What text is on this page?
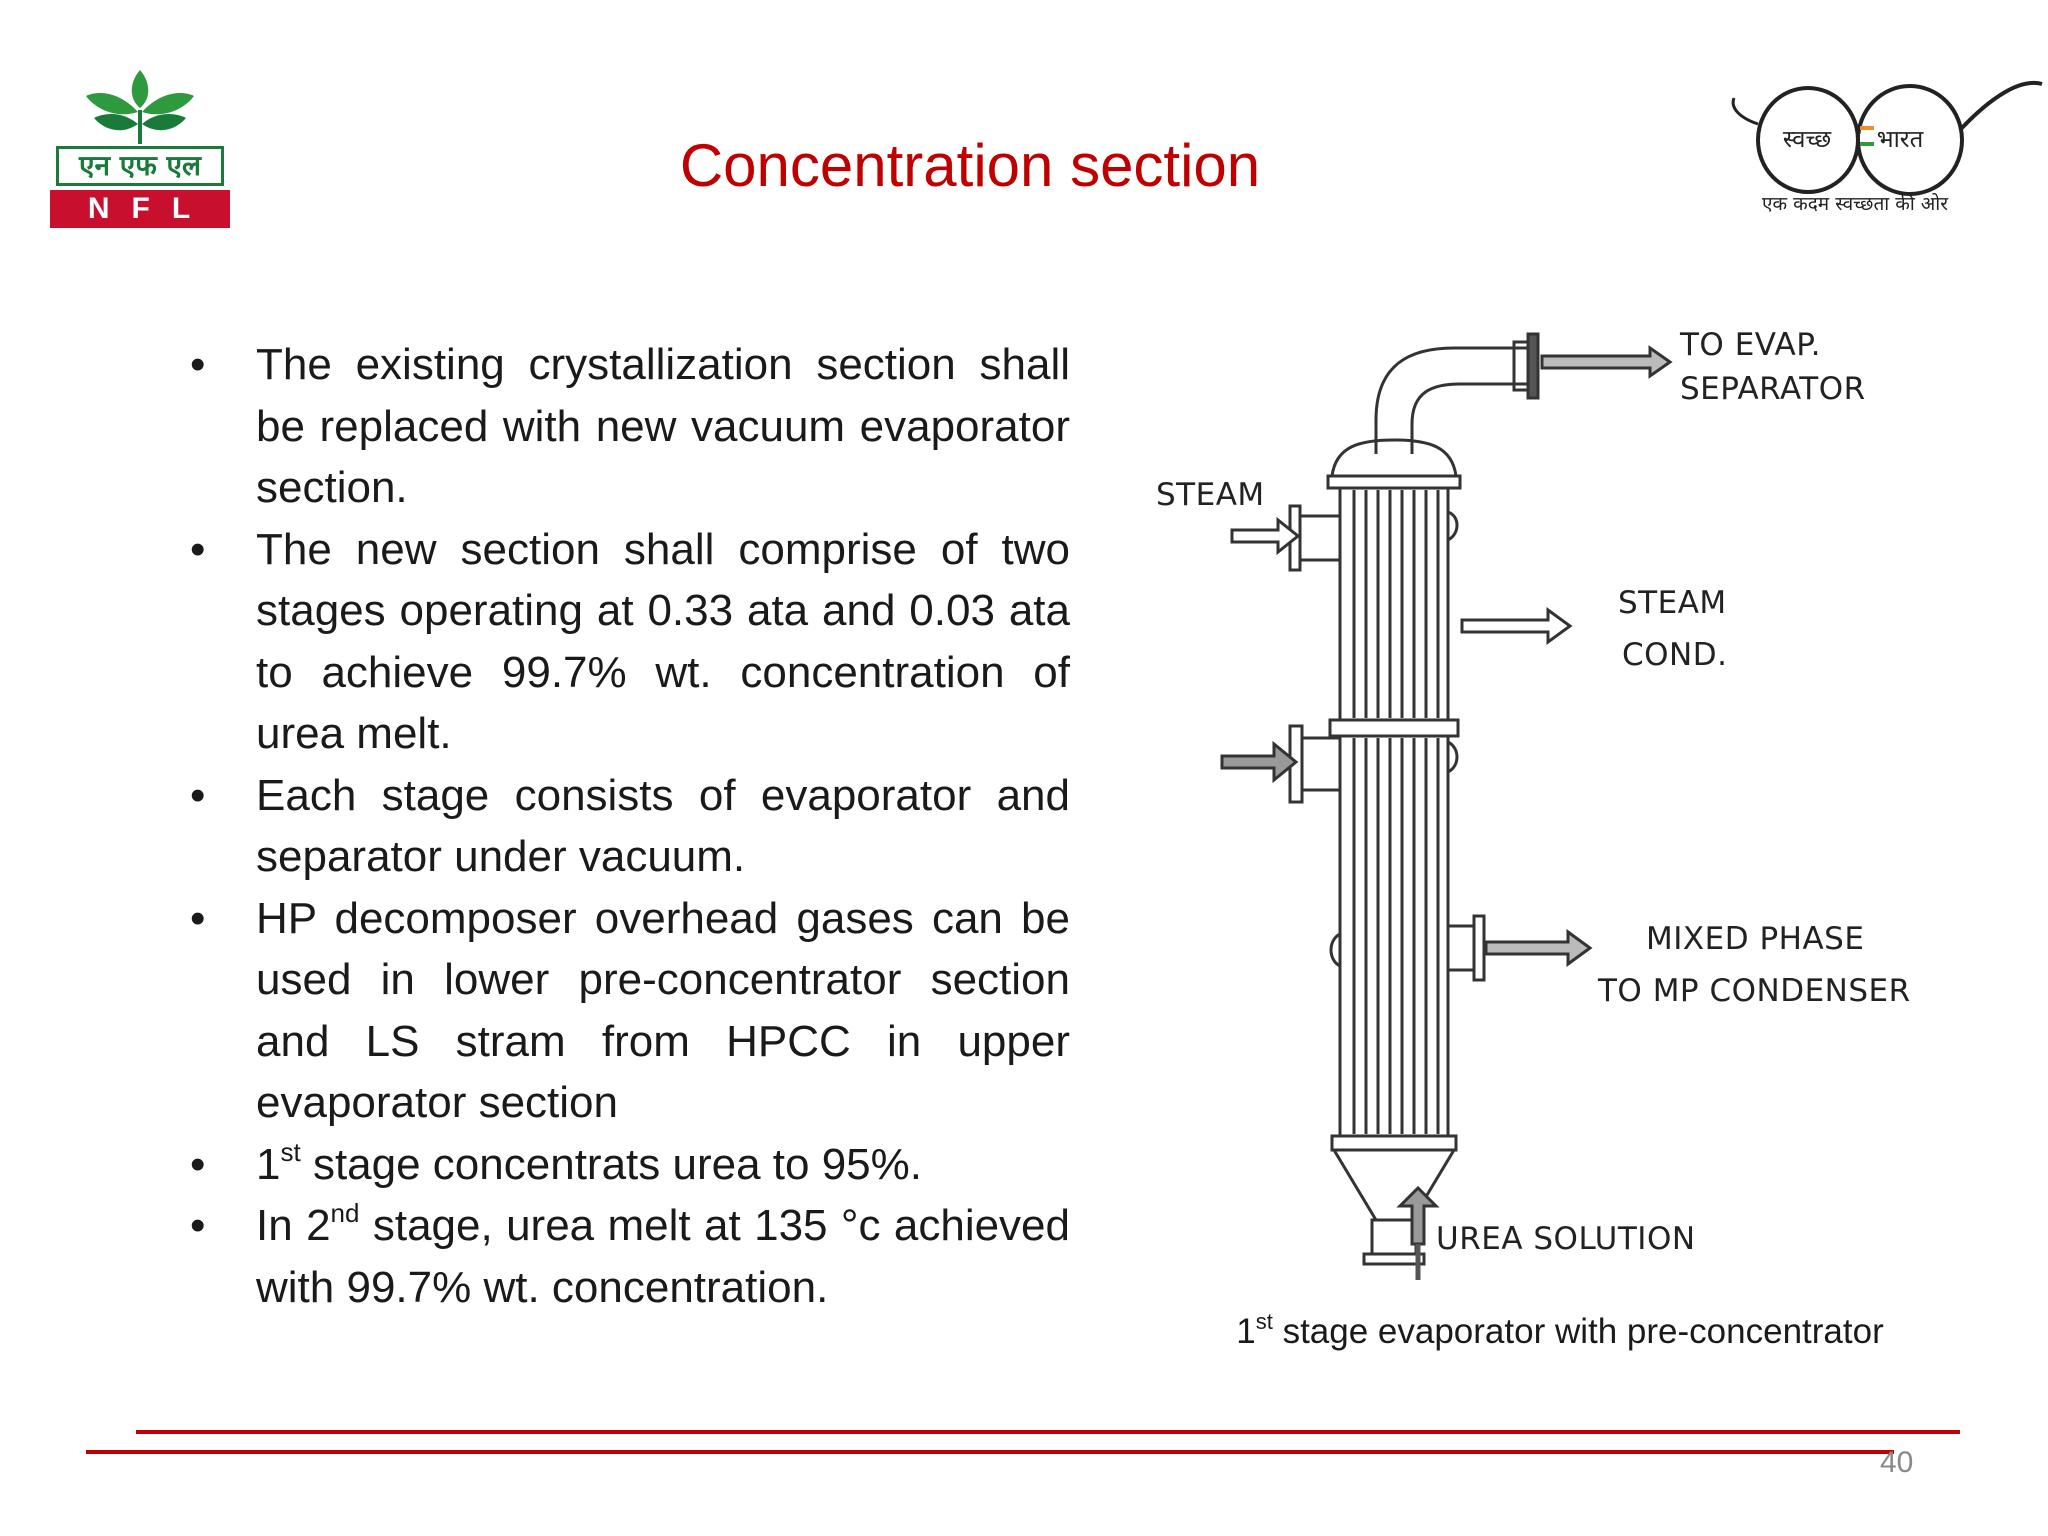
एन एफ एल
NFL
Concentration section	स्वच्छ	भारत
एक कदम स्वच्छता की ओर
• The existing crystallization section shall be replaced with new vacuum evaporator section.
• The new section shall comprise of two stages operating at 0.33 ata and 0.03 ata to achieve 99.7% wt. concentration of urea melt.
• Each stage consists of evaporator and separator under vacuum.
• HP decomposer overhead gases can be used in lower pre-concentrator section and LS stram from HPCC in upper evaporator section
• 1st stage concentrats urea to 95%.
• In 2nd stage, urea melt at 135 °c achieved with 99.7% wt. concentration.
TO EVAP.
SEPARATOR
STEAM
STEAM
COND.
MIXED PHASE
TO MP CONDENSER
UREA SOLUTION
1st stage evaporator with pre-concentrator
40
